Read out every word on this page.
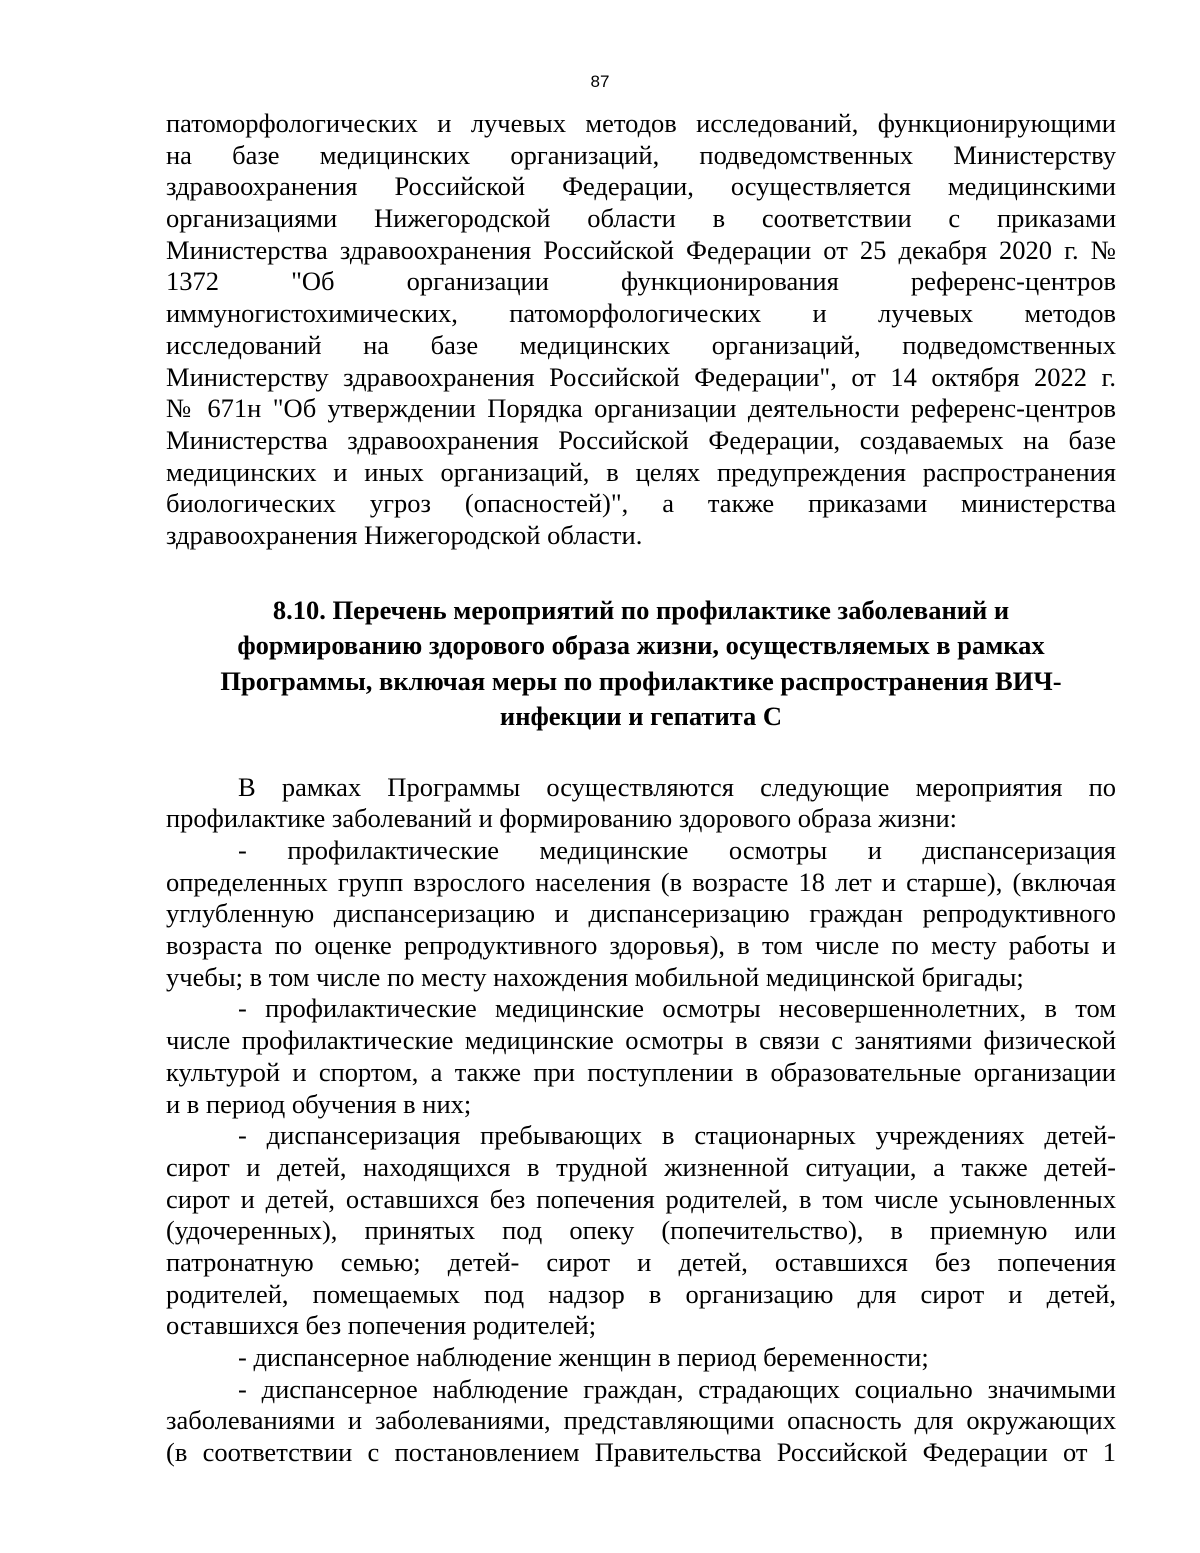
87
патоморфологических и лучевых методов исследований, функционирующими
на базе медицинских организаций, подведомственных Министерству
здравоохранения Российской Федерации, осуществляется медицинскими
организациями Нижегородской области в соответствии с приказами
Министерства здравоохранения Российской Федерации от 25 декабря 2020 г. №
1372 "Об организации функционирования референс-центров
иммуногистохимических, патоморфологических и лучевых методов
исследований на базе медицинских организаций, подведомственных
Министерству здравоохранения Российской Федерации", от 14 октября 2022 г.
№ 671н "Об утверждении Порядка организации деятельности референс-центров
Министерства здравоохранения Российской Федерации, создаваемых на базе
медицинских и иных организаций, в целях предупреждения распространения
биологических угроз (опасностей)", а также приказами министерства
здравоохранения Нижегородской области.
8.10. Перечень мероприятий по профилактике заболеваний и
формированию здорового образа жизни, осуществляемых в рамках
Программы, включая меры по профилактике распространения ВИЧ-
инфекции и гепатита С
В рамках Программы осуществляются следующие мероприятия по
профилактике заболеваний и формированию здорового образа жизни:
- профилактические медицинские осмотры и диспансеризация
определенных групп взрослого населения (в возрасте 18 лет и старше), (включая
углубленную диспансеризацию и диспансеризацию граждан репродуктивного
возраста по оценке репродуктивного здоровья), в том числе по месту работы и
учебы; в том числе по месту нахождения мобильной медицинской бригады;
- профилактические медицинские осмотры несовершеннолетних, в том
числе профилактические медицинские осмотры в связи с занятиями физической
культурой и спортом, а также при поступлении в образовательные организации
и в период обучения в них;
- диспансеризация пребывающих в стационарных учреждениях детей-
сирот и детей, находящихся в трудной жизненной ситуации, а также детей-
сирот и детей, оставшихся без попечения родителей, в том числе усыновленных
(удочеренных), принятых под опеку (попечительство), в приемную или
патронатную семью; детей- сирот и детей, оставшихся без попечения
родителей, помещаемых под надзор в организацию для сирот и детей,
оставшихся без попечения родителей;
- диспансерное наблюдение женщин в период беременности;
- диспансерное наблюдение граждан, страдающих социально значимыми
заболеваниями и заболеваниями, представляющими опасность для окружающих
(в соответствии с постановлением Правительства Российской Федерации от 1
